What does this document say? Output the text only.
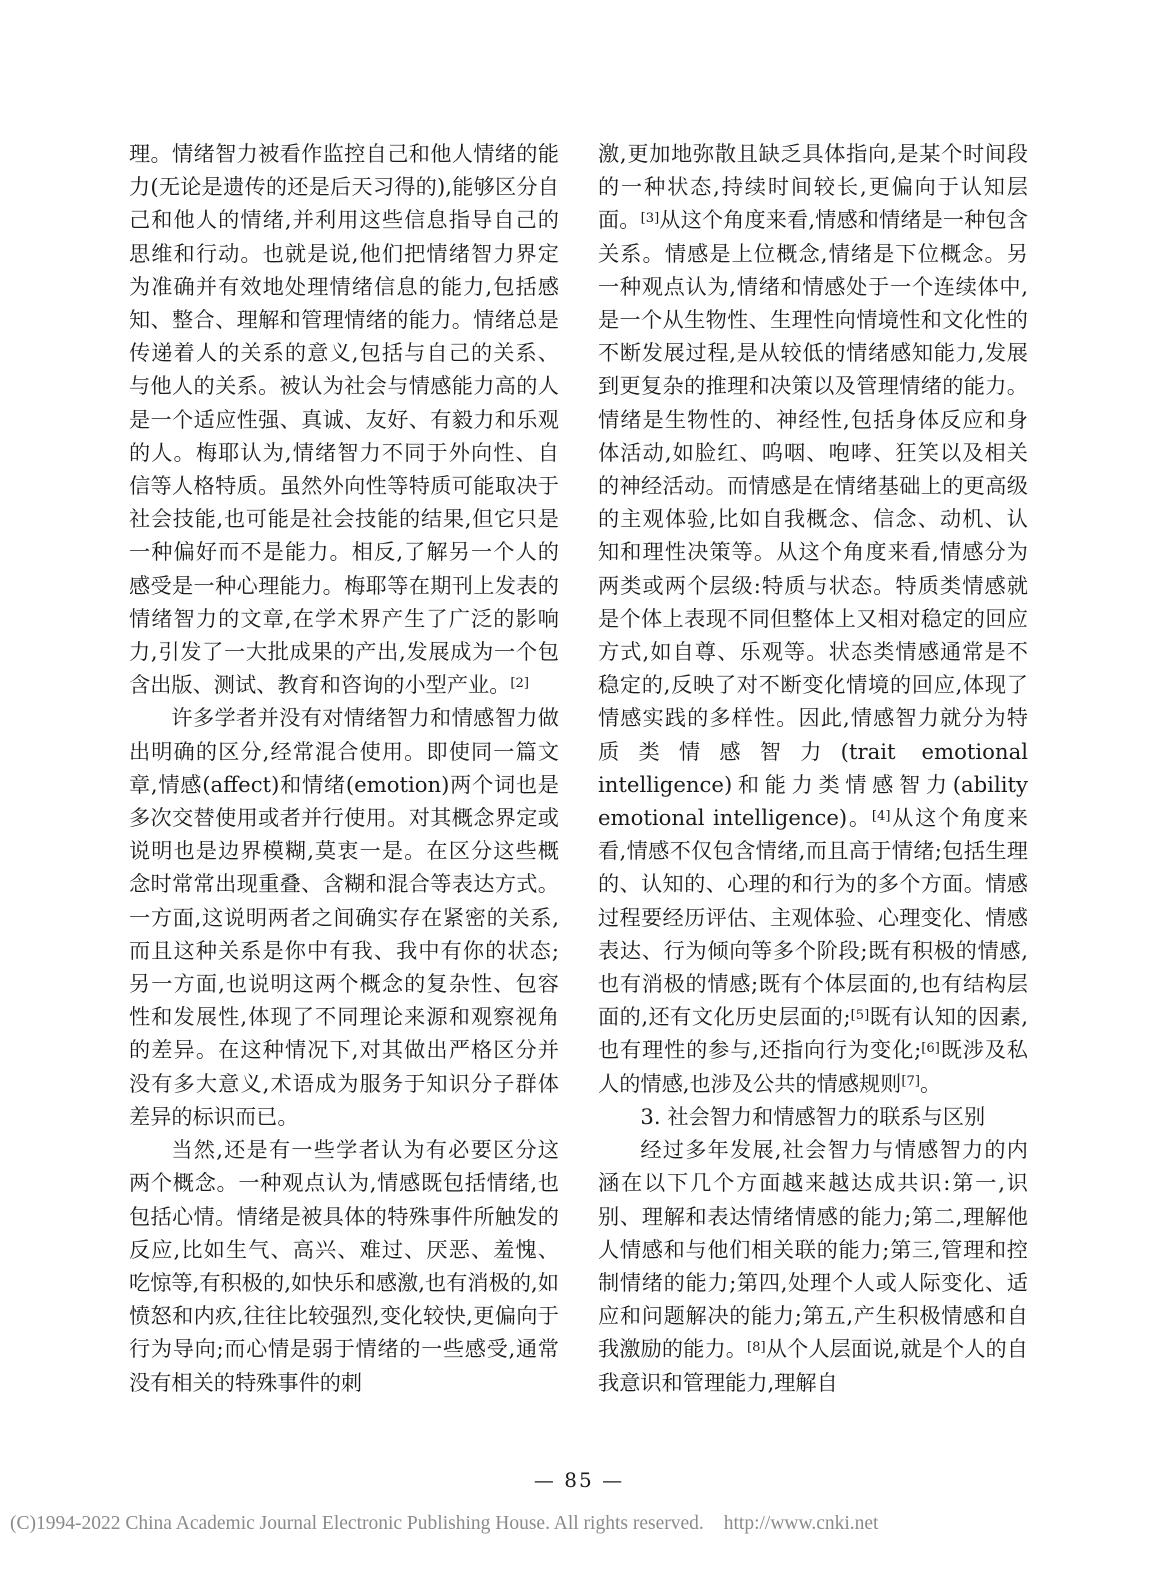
理。情绪智力被看作监控自己和他人情绪的能力(无论是遗传的还是后天习得的),能够区分自己和他人的情绪,并利用这些信息指导自己的思维和行动。也就是说,他们把情绪智力界定为准确并有效地处理情绪信息的能力,包括感知、整合、理解和管理情绪的能力。情绪总是传递着人的关系的意义,包括与自己的关系、与他人的关系。被认为社会与情感能力高的人是一个适应性强、真诚、友好、有毅力和乐观的人。梅耶认为,情绪智力不同于外向性、自信等人格特质。虽然外向性等特质可能取决于社会技能,也可能是社会技能的结果,但它只是一种偏好而不是能力。相反,了解另一个人的感受是一种心理能力。梅耶等在期刊上发表的情绪智力的文章,在学术界产生了广泛的影响力,引发了一大批成果的产出,发展成为一个包含出版、测试、教育和咨询的小型产业。[2]

许多学者并没有对情绪智力和情感智力做出明确的区分,经常混合使用。即使同一篇文章,情感(affect)和情绪(emotion)两个词也是多次交替使用或者并行使用。对其概念界定或说明也是边界模糊,莫衷一是。在区分这些概念时常常出现重叠、含糊和混合等表达方式。一方面,这说明两者之间确实存在紧密的关系,而且这种关系是你中有我、我中有你的状态;另一方面,也说明这两个概念的复杂性、包容性和发展性,体现了不同理论来源和观察视角的差异。在这种情况下,对其做出严格区分并没有多大意义,术语成为服务于知识分子群体差异的标识而已。

当然,还是有一些学者认为有必要区分这两个概念。一种观点认为,情感既包括情绪,也包括心情。情绪是被具体的特殊事件所触发的反应,比如生气、高兴、难过、厌恶、羞愧、吃惊等,有积极的,如快乐和感激,也有消极的,如愤怒和内疚,往往比较强烈,变化较快,更偏向于行为导向;而心情是弱于情绪的一些感受,通常没有相关的特殊事件的刺

激,更加地弥散且缺乏具体指向,是某个时间段的一种状态,持续时间较长,更偏向于认知层面。[3]从这个角度来看,情感和情绪是一种包含关系。情感是上位概念,情绪是下位概念。另一种观点认为,情绪和情感处于一个连续体中,是一个从生物性、生理性向情境性和文化性的不断发展过程,是从较低的情绪感知能力,发展到更复杂的推理和决策以及管理情绪的能力。情绪是生物性的、神经性,包括身体反应和身体活动,如脸红、呜咽、咆哮、狂笑以及相关的神经活动。而情感是在情绪基础上的更高级的主观体验,比如自我概念、信念、动机、认知和理性决策等。从这个角度来看,情感分为两类或两个层级:特质与状态。特质类情感就是个体上表现不同但整体上又相对稳定的回应方式,如自尊、乐观等。状态类情感通常是不稳定的,反映了对不断变化情境的回应,体现了情感实践的多样性。因此,情感智力就分为特质类情感智力(trait emotional intelligence)和能力类情感智力(ability emotional intelligence)。[4]从这个角度来看,情感不仅包含情绪,而且高于情绪;包括生理的、认知的、心理的和行为的多个方面。情感过程要经历评估、主观体验、心理变化、情感表达、行为倾向等多个阶段;既有积极的情感,也有消极的情感;既有个体层面的,也有结构层面的,还有文化历史层面的;[5]既有认知的因素,也有理性的参与,还指向行为变化;[6]既涉及私人的情感,也涉及公共的情感规则[7]。

3. 社会智力和情感智力的联系与区别

经过多年发展,社会智力与情感智力的内涵在以下几个方面越来越达成共识:第一,识别、理解和表达情绪情感的能力;第二,理解他人情感和与他们相关联的能力;第三,管理和控制情绪的能力;第四,处理个人或人际变化、适应和问题解决的能力;第五,产生积极情感和自我激励的能力。[8]从个人层面说,就是个人的自我意识和管理能力,理解自

— 85 —
(C)1994-2022 China Academic Journal Electronic Publishing House. All rights reserved. http://www.cnki.net
